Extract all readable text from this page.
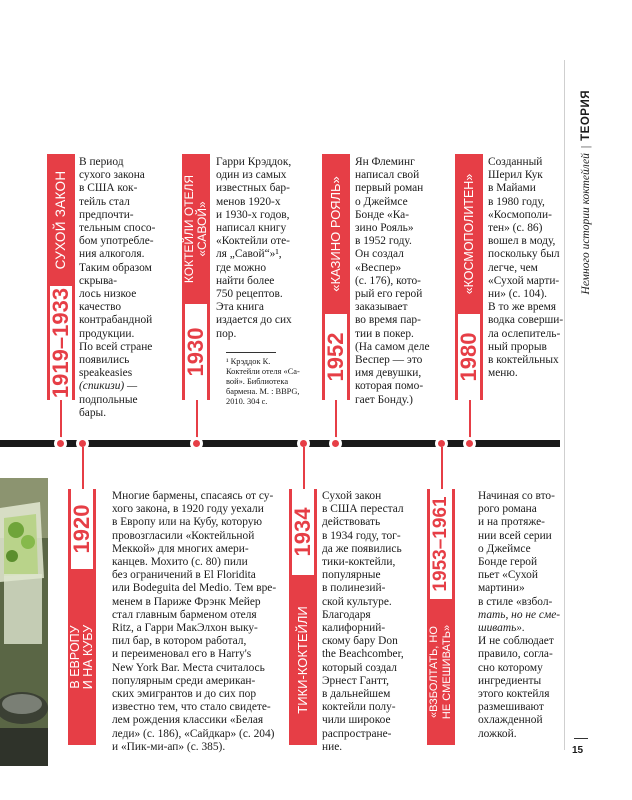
Немного истории коктейлей|ТЕОРИЯ
15
СУХОЙ ЗАКОН
1919–1933
В период
сухого закона
в США кок-
тейль стал
предпочти-
тельным спосо-
бом употребле-
ния алкоголя.
Таким образом
скрыва-
лось низкое
качество
контрабандной
продукции.
По всей стране
появились
speakeasies
(спикизи) —
подпольные
бары.
КОКТЕЙЛИ ОТЕЛЯ «САВОЙ»
1930
Гарри Крэддок,
один из самых
известных бар-
менов 1920-х
и 1930-х годов,
написал книгу
«Коктейли оте-
ля „Савой“»¹,
где можно
найти более
750 рецептов.
Эта книга
издается до сих
пор.
¹ Крэддок К.
Коктейли отеля «Са-
вой». Библиотека
бармена. М. : BBPG,
2010. 304 с.
«КАЗИНО РОЯЛЬ»
1952
Ян Флеминг
написал свой
первый роман
о Джеймсе
Бонде «Ка-
зино Рояль»
в 1952 году.
Он создал
«Веспер»
(с. 176), кото-
рый его герой
заказывает
во время пар-
тии в покер.
(На самом деле
Веспер — это
имя девушки,
которая помо-
гает Бонду.)
«КОСМОПОЛИТЕН»
1980
Созданный
Шерил Кук
в Майами
в 1980 году,
«Космополи-
тен» (с. 86)
вошел в моду,
поскольку был
легче, чем
«Сухой марти-
ни» (с. 104).
В то же время
водка соверши-
ла ослепитель-
ный прорыв
в коктейльных
меню.
1920
В ЕВРОПУ И НА КУБУ
Многие бармены, спасаясь от су-
хого закона, в 1920 году уехали
в Европу или на Кубу, которую
провозгласили «Коктейльной
Меккой» для многих амери-
канцев. Мохито (с. 80) пили
без ограничений в El Floridita
или Bodeguita del Medio. Тем вре-
менем в Париже Фрэнк Мейер
стал главным барменом отеля
Ritz, а Гарри МакЭлхон выку-
пил бар, в котором работал,
и переименовал его в Harry's
New York Bar. Места считалось
популярным среди американ-
ских эмигрантов и до сих пор
известно тем, что стало свидете-
лем рождения классики «Белая
леди» (с. 186), «Сайдкар» (с. 204)
и «Пик-ми-ап» (с. 385).
1934
ТИКИ-КОКТЕЙЛИ
Сухой закон
в США перестал
действовать
в 1934 году, тог-
да же появились
тики-коктейли,
популярные
в полинезий-
ской культуре.
Благодаря
калифорний-
скому бару Don
the Beachcomber,
который создал
Эрнест Гантт,
в дальнейшем
коктейли полу-
чили широкое
распростране-
ние.
1953–1961
«ВЗБОЛТАТЬ, НО НЕ СМЕШИВАТЬ»
Начиная со вто-
рого романа
и на протяже-
нии всей серии
о Джеймсе
Бонде герой
пьет «Сухой
мартини»
в стиле «взбол-
тать, но не сме-
шивать».
И не соблюдает
правило, согла-
сно которому
ингредиенты
этого коктейля
размешивают
охлажденной
ложкой.
